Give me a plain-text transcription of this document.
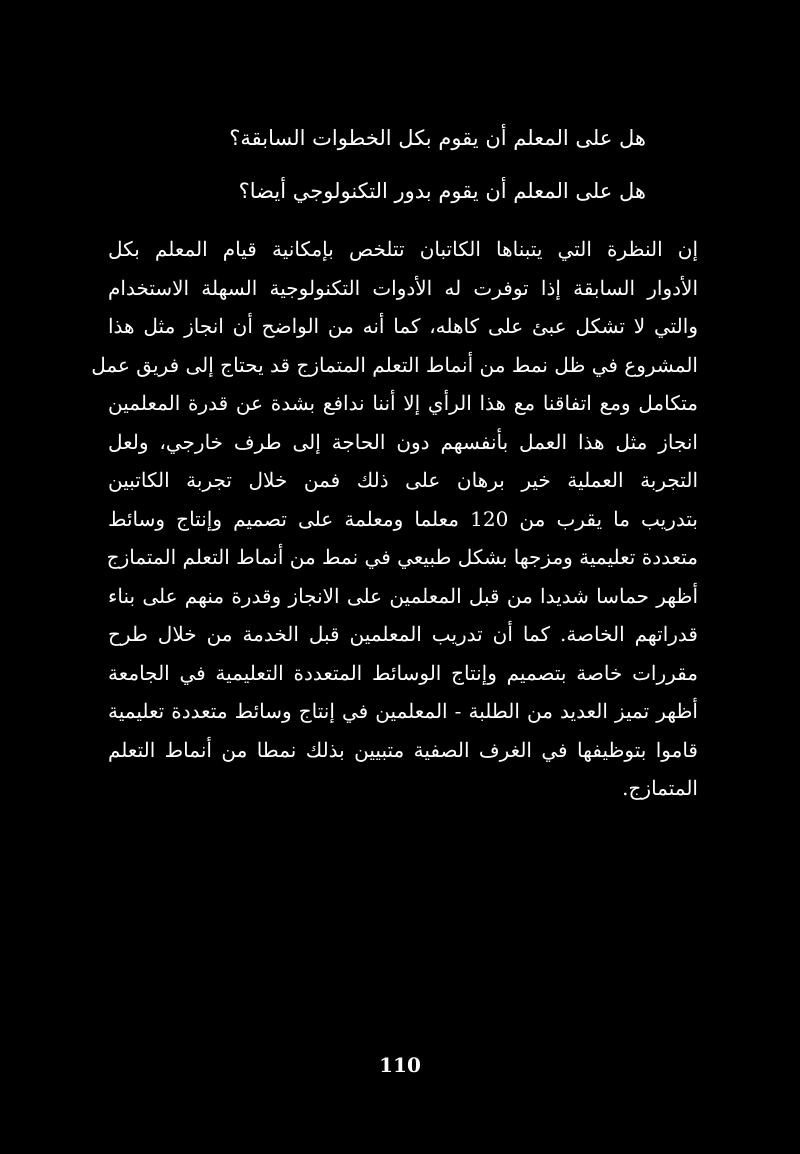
هل على المعلم أن يقوم بكل الخطوات السابقة؟
هل على المعلم أن يقوم بدور التكنولوجي أيضا؟
إن النظرة التي يتبناها الكاتبان تتلخص بإمكانية قيام المعلم بكل
الأدوار السابقة إذا توفرت له الأدوات التكنولوجية السهلة الاستخدام
والتي لا تشكل عبئ على كاهله، كما أنه من الواضح أن انجاز مثل هذا
المشروع في ظل نمط من أنماط التعلم المتمازج قد يحتاج إلى فريق عمل
متكامل ومع اتفاقنا مع هذا الرأي إلا أننا ندافع بشدة عن قدرة المعلمين
انجاز مثل هذا العمل بأنفسهم دون الحاجة إلى طرف خارجي، ولعل
التجربة العملية خير برهان على ذلك فمن خلال تجربة الكاتبين
بتدريب ما يقرب من 120 معلما ومعلمة على تصميم وإنتاج وسائط
متعددة تعليمية ومزجها بشكل طبيعي في نمط من أنماط التعلم المتمازج
أظهر حماسا شديدا من قبل المعلمين على الانجاز وقدرة منهم على بناء
قدراتهم الخاصة. كما أن تدريب المعلمين قبل الخدمة من خلال طرح
مقررات خاصة بتصميم وإنتاج الوسائط المتعددة التعليمية في الجامعة
أظهر تميز العديد من الطلبة - المعلمين في إنتاج وسائط متعددة تعليمية
قاموا بتوظيفها في الغرف الصفية متبيين بذلك نمطا من أنماط التعلم
المتمازج.
110
